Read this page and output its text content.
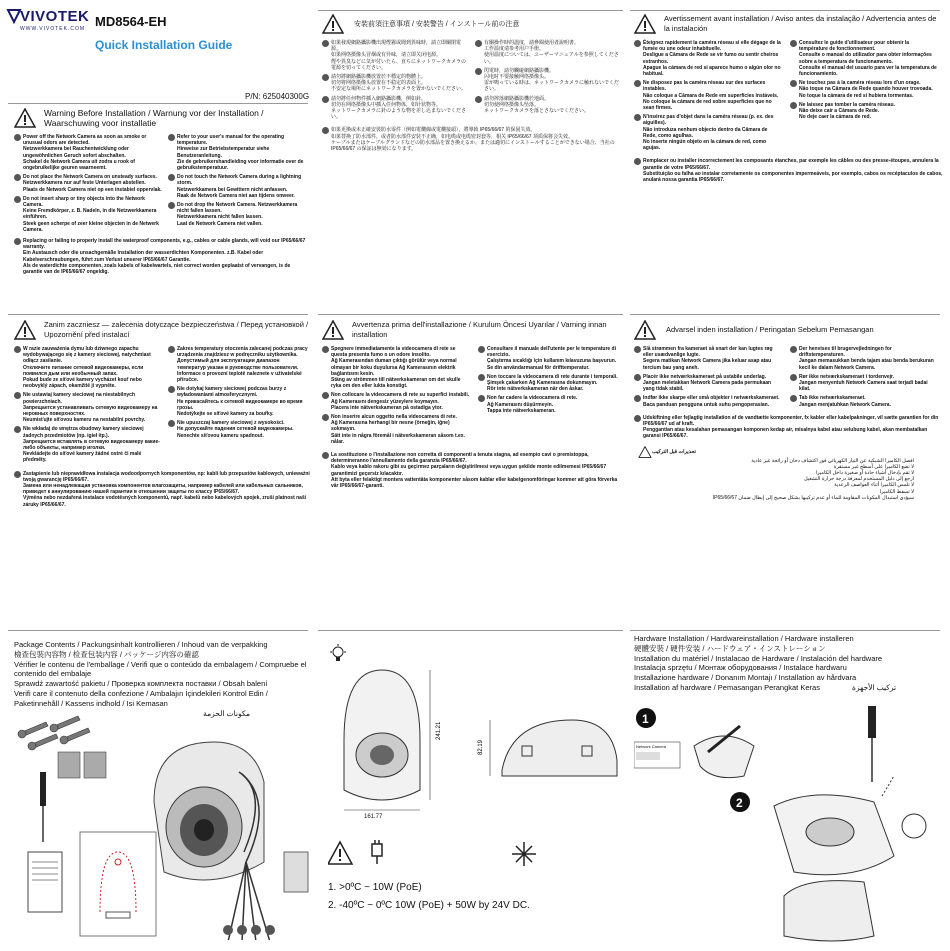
VIVOTEK
WWW.VIVOTEK.COM MD8564-EH
Quick Installation Guide
P/N: 625040300G
Warning Before Installation / Warnung vor der Installation / Waarschuwing voor installatie
Power off the Network Camera as soon as smoke or unusual odors are detected.
Netzwerkkamera bei Rauchentwicklung oder ungewöhnlichen Geruch sofort abschalten.
Schakel de Network Camera uit zodra u rook of ongebruikelijke geuren waarneemt.
Do not place the Network Camera on unsteady surfaces.
Netzwerkkamera nur auf feste Unterlagen abstellen.
Plaats de Network Camera niet op een instabiel oppervlak.
Do not insert sharp or tiny objects into the Network Camera.
Keine Fremdkörper, z. B. Nadeln, in die Netzwerkkamera einführen.
Steek geen scherpe of zeer kleine objecten in de Netwerk Camera.
Refer to your user's manual for the operating temperature.
Hinweise zur Betriebstemperatur siehe Benutzeranleitung.
Zie de gebruikershandleiding voor informatie over de gebruikstemperatuur.
Do not touch the Network Camera during a lightning storm.
Netzwerkkamera bei Gewittern nicht anfassen.
Raak de Network Camera niet aan tijdens onweer.
Do not drop the Network Camera. Netzwerkkamera nicht fallen lassen.
Netzwerkkamera nicht fallen lassen.
Laat de Network Camera niet vallen.
Replacing or failing to properly install the waterproof components, e.g., cables or cable glands, will void our IP65/66/67 warranty.
Ein Austausch oder die unsachgemäße Installation der wasserdichten Komponenten. z.B. Kabel oder Kabelverschraubungen, führt zum Verlust unserer IP65/66/67 Garantie.
Als de waterdichte componenten, zoals kabels of kabelwartels, niet correct worden geplaatst of vervangen, is de garantie van de IP65/66/67 ongeldig.
安裝前須注意事項 / 安裝警告 / インストール前の注意
如果發現網路攝影機出現煙霧或聞到異味時，請立即關閉電源。
如果网络摄像头冒烟或有异味，请立即关闭电源。
煙や異臭などに気が付いたら、直ちにネットワークカメラの電源を切ってください。
請勿將網路攝影機放置於不穩定的物體上。
切勿将网络摄像头放置在不稳定的表面上。
不安定な場所にネットワークカメラを置かないでください。
請勿將任何物件插入網路攝影機，例如針。
切勿在网络摄像头中插入任何物体，如针状物等。
ネットワークカメラに針のような物を差し込まないでください。
有關操作時的溫度，請參閱使用者說明書。
工作温度请参考用户手册。
使用温度については、ユーザーマニュアルを参照してください。
閃電時，請勿觸碰網路攝影機。
闪电时不要接触网络摄像头。
雷が鳴っている時は、ネットワークカメラに触れないでください。
請勿摔落網路攝影機於地面。
切勿使网络摄像头坠落。
ネットワークカメラを落とさないでください。
如果更換或未正確安裝防水零件（例如電纜線或電纜接頭），將導致 IP65/66/67 的保固失效。
如果替换了防水部件，或者防水部件安装不正确，如电缆或电缆密封套等，相关 IP65/66/67 项质保将会失效。
ケーブルまたはケーブルグランドなどの防水部品を置き換えるか、または適切にインストールすることができない場合、当社の IP65/66/67 の保証は無効になります。
Avertissement avant installation / Aviso antes da instalação / Advertencia antes de la instalación
Éteignez rapidement la caméra réseau si elle dégage de la fumée ou une odeur inhabituelle.
Desligue a Câmara de Rede se vir fumo ou sentir cheiros estranhos.
Apague la cámara de red si aparece humo o algún olor no habitual.
Ne disposez pas la caméra réseau sur des surfaces instables.
Não coloque a Câmara de Rede em superfícies instáveis.
No coloque la cámara de red sobre superficies que no sean firmes.
N'insérez pas d'objet dans la caméra réseau (p. ex. des aiguilles).
Não introduza nenhum objecto dentro da Câmara de Rede, como agulhas.
No inserte ningún objeto en la cámara de red, como agujas.
Consultez le guide d'utilisateur pour obtenir la température de fonctionnement.
Consulte o manual do utilizador para obter informações sobre a temperatura de funcionamento.
Consulte el manual del usuario para ver la temperatura de funcionamiento.
Ne touchez pas à la caméra réseau lors d'un orage.
Não toque na Câmara de Rede quando houver trovoada.
No toque la cámara de red si hubiera tormentas.
Ne laissez pas tomber la caméra réseau.
Não deixe cair a Câmara de Rede.
No deje caer la cámara de red.
Remplacer ou installer incorrectement les composants étanches, par exemple les câbles ou des presse-étoupes, annulera la garantie de votre IP65/66/67.
Substituição ou falha ao instalar corretamente os componentes impermeáveis, por exemplo, cabos os recéptaculos de cabos, anulará nossa garantia IP65/66/67.
Zanim zaczniesz — zalecenia dotyczące bezpieczeństwa / Перед установкой / Upozornění před instalací
W razie zauważenia dymu lub dziwnego zapachu wydobywającego się z kamery sieciowej, natychmiast odłącz zasilanie.
Отключите питание сетевой видеокамеры, если появился дым или необычный запах.
Pokud bude ze síťové kamery vycházet kouř nebo neobvyklý zápach, okamžitě ji vypněte.
Nie ustawiaj kamery sieciowej na niestabilnych powierzchniach.
Запрещается устанавливать сетевую видеокамеру на неровных поверхностях.
Neumisťujte síťovou kameru na nestabilní povrchy.
Nie wkładaj do wnętrza obudowy kamery sieciowej żadnych przedmiotów (np. igieł itp.).
Запрещается вставлять в сетевую видеокамеру какие-либо объекты, например иголки.
Nevkládejte do síťové kamery žádné ostré či malé předměty.
Zakres temperatury otoczenia zalecanej podczas pracy urządzenia znajdziesz w podręczniku użytkownika.
Допустимый для эксплуатации диапазон температур указан в руководстве пользователя.
Informace o provozní teplotě naleznete v uživatelské příručce.
Nie dotykaj kamery sieciowej podczas burzy z wyładowaniami atmosferycznymi.
Не прикасайтесь к сетевой видеокамере во время грозы.
Nedotýkejte se síťové kamery za bouřky.
Nie upuszczaj kamery sieciowej z wysokości.
Не допускайте падения сетевой видеокамеры.
Nenechte síťovou kameru spadnout.
Zastąpienie lub nieprawidłowa instalacja wodoodpornych komponentów, np: kabli lub przepustów kablowych, unieważni twoją gwarancję IP65/66/67.
Замена или ненадлежащая установка компонентов влагозащиты, например кабелей или кабельных сальников, приведет к аннулированию нашей гарантии в отношении защиты по классу IP65/66/67.
Výměna nebo nezdařená instalace vodotěsných komponentů, např. kabelů nebo kabelových spojek, zruší platnost naší záruky IP65/66/67.
Avvertenza prima dell'installazione / Kurulum Öncesi Uyarılar / Varning innan installation
Spegnere immediatamente la videocamera di rete se questa presenta fumo o un odore insolito.
Ağ Kamerasından duman çıktığı görülür veya normal olmayan bir koku duyulursa Ağ Kamerasının elektrik bağlantısını kesin.
Stäng av strömmen till nätverkskameran om det skulle ryka om den eller lukta konstigt.
Non collocare la videocamera di rete su superfici instabili.
Ağ Kamerasını dengesiz yüzeylere koymayın.
Placera inte nätverkskameran på ostadiga ytor.
Non inserire alcun oggetto nella videocamera di rete.
Ağ Kamerasına herhangi bir nesne (örneğin, iğne) sokmayın.
Sätt inte in några föremål i nätverkskameran såsom t.ex. nålar.
Consultare il manuale dell'utente per le temperature di esercizio.
Çalıştırma sıcaklığı için kullanım kılavuzuna başvurun.
Se din användarmanual för drifttemperatur.
Non toccare la videocamera di rete durante i temporali.
Şimşek çakarken Ağ Kamerasına dokunmayın.
Rör inte nätverkskameran när den åskar.
Non far cadere la videocamera di rete.
Ağ Kamerasını düşürmeyin.
Tappa inte nätverkskameran.
La sostituzione o l'installazione non corretta di componenti a tenuta stagna, ad esempio cavi o premistoppa, determineranno l'annullamento della garanzia IP65/66/67.
Kablo veya kablo rakoru gibi su geçirmez parçaların değiştirilmesi veya uygun şekilde monte edilmemesi IP65/66/67 garantimizi geçersiz kılacaktır.
Att byta eller felaktigt montera vattentäta komponenter såsom kablar eller kabelgenomföringar kommer att göra förverka vår IP65/66/67-garanti.
Advarsel inden installation / Peringatan Sebelum Pemasangan
Slå strømmen fra kameraet så snart der kan lugtes røg eller usædvanlige lugte.
Segera matikan Network Camera jika keluar asap atau tercium bau yang aneh.
Placér ikke netværkskameraet på ustabile underlag.
Jangan meletakkan Network Camera pada permukaan yang tidak stabil.
Indfør ikke skarpe eller små objekter i netværkskameraet.
Baca panduan pengguna untuk suhu pengoperasian.
Der henvises til brugervejledningen for driftstemperaturen.
Jangan memasukkan benda tajam atau benda berukuran kecil ke dalam Network Camera.
Rør ikke netværkskameraet i tordenvejr.
Jangan menyentuh Network Camera saat terjadi badai kilat.
Tab ikke netværkskameraet.
Jangan menjatuhkan Network Camera.
Udskiftning eller fejlagtig installation af de vandtætte komponenter, fx kabler eller kabelpakninger, vil sætte garantien for din IP65/66/67 ud af kraft.
Penggantian atau kesalahan pemasangan komponen kedap air, misalnya kabel atau selubung kabel, akan membatalkan garansi IP65/66/67.
تحذيرات قبل التركيب
افصل الكاميرا الشبكية عن التيار الكهربائي فور اكتشاف دخان أو رائحة غير عادية
لا تضع الكاميرا على أسطح غير مستقرة
لا تقم بإدخال أشياء حادة أو صغيرة داخل الكاميرا
ارجع إلى دليل المستخدم لمعرفة درجة حرارة التشغيل
لا تلمس الكاميرا أثناء العواصف الرعدية
لا تسقط الكاميرا
سيؤدي استبدال المكونات المقاومة للماء أو عدم تركيبها بشكل صحيح إلى إبطال ضمان IP65/66/67
Package Contents / Packungsinhalt kontrollieren / Inhoud van de verpakking
檢查包裝內容物 / 检查包装内容 / パッケージ内容の確認
Vérifier le contenu de l'emballage / Verifi que o conteúdo da embalagem / Compruebe el contenido del embalaje
Sprawdź zawartość pakietu / Проверка комплекта поставки / Obsah balení
Verifi care il contenuto della confezione / Ambalajın İçindekileri Kontrol Edin / Paketinnehåll / Kassens indhold / Isi Kemasan
مكونات الحزمة
241.21
82.19
161.77
1. >0ºC ~ 10W (PoE)
2. -40ºC ~ 0ºC 10W (PoE) + 50W by 24V DC.
Hardware Installation / Hardwareinstallation / Hardware installeren
硬體安裝 / 硬件安装 / ハードウェア・インストレーション
Installation du matériel / Instalacao de Hardware / Instalación del hardware
Instalacja sprzętu / Монтаж оборудования / Instalace hardwaru
Installazione hardware / Donanım Montajı / Installation av hårdvara
Installation af hardware / Pemasangan Perangkat Keras	تركيب الأجهزة
1
2
Network Camera
